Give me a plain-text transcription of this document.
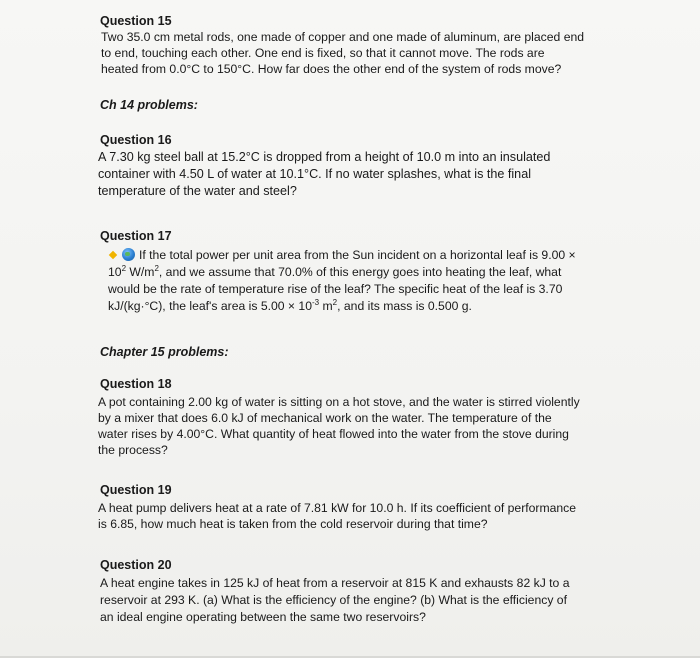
Question 15
Two 35.0 cm metal rods, one made of copper and one made of aluminum, are placed end
to end, touching each other. One end is fixed, so that it cannot move. The rods are
heated from 0.0°C to 150°C. How far does the other end of the system of rods move?
Ch 14 problems:
Question 16
A 7.30 kg steel ball at 15.2°C is dropped from a height of 10.0 m into an insulated
container with 4.50 L of water at 10.1°C. If no water splashes, what is the final
temperature of the water and steel?
Question 17
If the total power per unit area from the Sun incident on a horizontal leaf is 9.00 ×
$10^2$ $W/m^2$, and we assume that 70.0% of this energy goes into heating the leaf, what
would be the rate of temperature rise of the leaf? The specific heat of the leaf is 3.70
kJ/(kg·°C), the leaf's area is $5.00 \times 10^{-3}$ $m^2$, and its mass is 0.500 g.
Chapter 15 problems:
Question 18
A pot containing 2.00 kg of water is sitting on a hot stove, and the water is stirred violently
by a mixer that does 6.0 kJ of mechanical work on the water. The temperature of the
water rises by 4.00°C. What quantity of heat flowed into the water from the stove during
the process?
Question 19
A heat pump delivers heat at a rate of 7.81 kW for 10.0 h. If its coefficient of performance
is 6.85, how much heat is taken from the cold reservoir during that time?
Question 20
A heat engine takes in 125 kJ of heat from a reservoir at 815 K and exhausts 82 kJ to a
reservoir at 293 K. (a) What is the efficiency of the engine? (b) What is the efficiency of
an ideal engine operating between the same two reservoirs?
